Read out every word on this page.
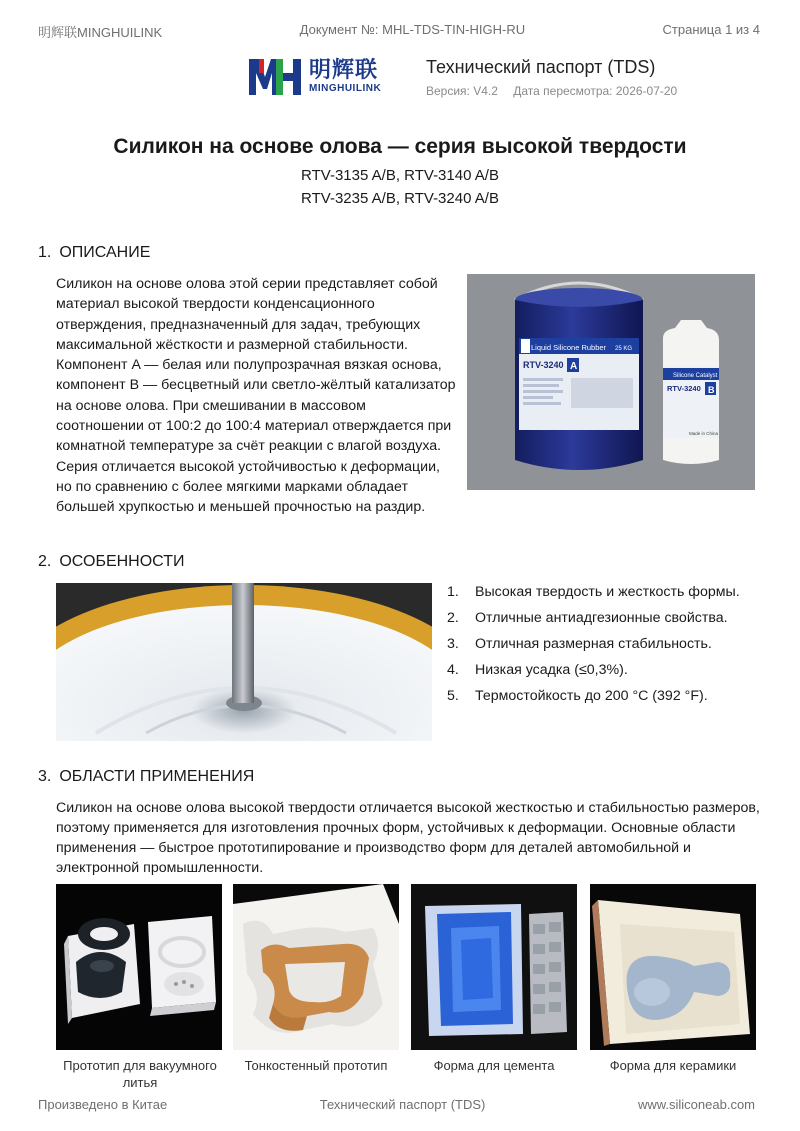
明辉联MINGHUILINK	Документ №: MHL-TDS-TIN-HIGH-RU	Страница 1 из 4
明辉联
MINGHUILINK
Технический паспорт (TDS)
Версия: V4.2 Дата пересмотра: 2026-07-20
Силикон на основе олова — серия высокой твердости
RTV-3135 A/B, RTV-3140 A/B
RTV-3235 A/B, RTV-3240 A/B
1. ОПИСАНИЕ
Силикон на основе олова этой серии представляет собой материал высокой твердости конденсационного отверждения, предназначенный для задач, требующих максимальной жёсткости и размерной стабильности. Компонент A — белая или полупрозрачная вязкая основа, компонент B — бесцветный или светло-жёлтый катализатор на основе олова. При смешивании в массовом соотношении от 100:2 до 100:4 материал отверждается при комнатной температуре за счёт реакции с влагой воздуха. Серия отличается высокой устойчивостью к деформации, но по сравнению с более мягкими марками обладает большей хрупкостью и меньшей прочностью на раздир.
Liquid Silicone Rubber
RTV-3240 A
25 KG
Silicone Catalyst
RTV-3240 B
Made in China
2. ОСОБЕННОСТИ
1.	Высокая твердость и жесткость формы.
2.	Отличные антиадгезионные свойства.
3.	Отличная размерная стабильность.
4.	Низкая усадка (≤0,3%).
5.	Термостойкость до 200 °C (392 °F).
3. ОБЛАСТИ ПРИМЕНЕНИЯ
Силикон на основе олова высокой твердости отличается высокой жесткостью и стабильностью размеров, поэтому применяется для изготовления прочных форм, устойчивых к деформации. Основные области применения — быстрое прототипирование и производство форм для деталей автомобильной и электронной промышленности.
Прототип для вакуумного литья
Тонкостенный прототип	Форма для цемента	Форма для керамики
Произведено в Китае	Технический паспорт (TDS)	www.siliconeab.com
